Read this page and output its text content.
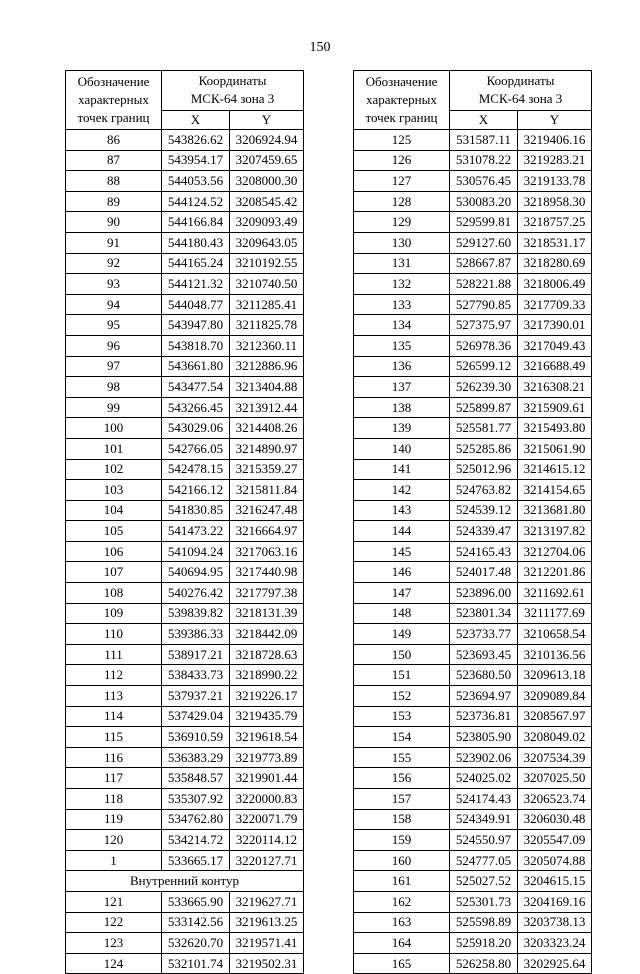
150
Обозначение
характерных
точек границ	Координаты
МСК-64 зона 3	
	X	Y
86	543826.62	3206924.94
87	543954.17	3207459.65
88	544053.56	3208000.30
89	544124.52	3208545.42
90	544166.84	3209093.49
91	544180.43	3209643.05
92	544165.24	3210192.55
93	544121.32	3210740.50
94	544048.77	3211285.41
95	543947.80	3211825.78
96	543818.70	3212360.11
97	543661.80	3212886.96
98	543477.54	3213404.88
99	543266.45	3213912.44
100	543029.06	3214408.26
101	542766.05	3214890.97
102	542478.15	3215359.27
103	542166.12	3215811.84
104	541830.85	3216247.48
105	541473.22	3216664.97
106	541094.24	3217063.16
107	540694.95	3217440.98
108	540276.42	3217797.38
109	539839.82	3218131.39
110	539386.33	3218442.09
111	538917.21	3218728.63
112	538433.73	3218990.22
113	537937.21	3219226.17
114	537429.04	3219435.79
115	536910.59	3219618.54
116	536383.29	3219773.89
117	535848.57	3219901.44
118	535307.92	3220000.83
119	534762.80	3220071.79
120	534214.72	3220114.12
1	533665.17	3220127.71
Внутренний контур		
121	533665.90	3219627.71
122	533142.56	3219613.25
123	532620.70	3219571.41
124	532101.74	3219502.31
Обозначение
характерных
точек границ	Координаты
МСК-64 зона 3	
	X	Y
125	531587.11	3219406.16
126	531078.22	3219283.21
127	530576.45	3219133.78
128	530083.20	3218958.30
129	529599.81	3218757.25
130	529127.60	3218531.17
131	528667.87	3218280.69
132	528221.88	3218006.49
133	527790.85	3217709.33
134	527375.97	3217390.01
135	526978.36	3217049.43
136	526599.12	3216688.49
137	526239.30	3216308.21
138	525899.87	3215909.61
139	525581.77	3215493.80
140	525285.86	3215061.90
141	525012.96	3214615.12
142	524763.82	3214154.65
143	524539.12	3213681.80
144	524339.47	3213197.82
145	524165.43	3212704.06
146	524017.48	3212201.86
147	523896.00	3211692.61
148	523801.34	3211177.69
149	523733.77	3210658.54
150	523693.45	3210136.56
151	523680.50	3209613.18
152	523694.97	3209089.84
153	523736.81	3208567.97
154	523805.90	3208049.02
155	523902.06	3207534.39
156	524025.02	3207025.50
157	524174.43	3206523.74
158	524349.91	3206030.48
159	524550.97	3205547.09
160	524777.05	3205074.88
161	525027.52	3204615.15
162	525301.73	3204169.16
163	525598.89	3203738.13
164	525918.20	3203323.24
165	526258.80	3202925.64
